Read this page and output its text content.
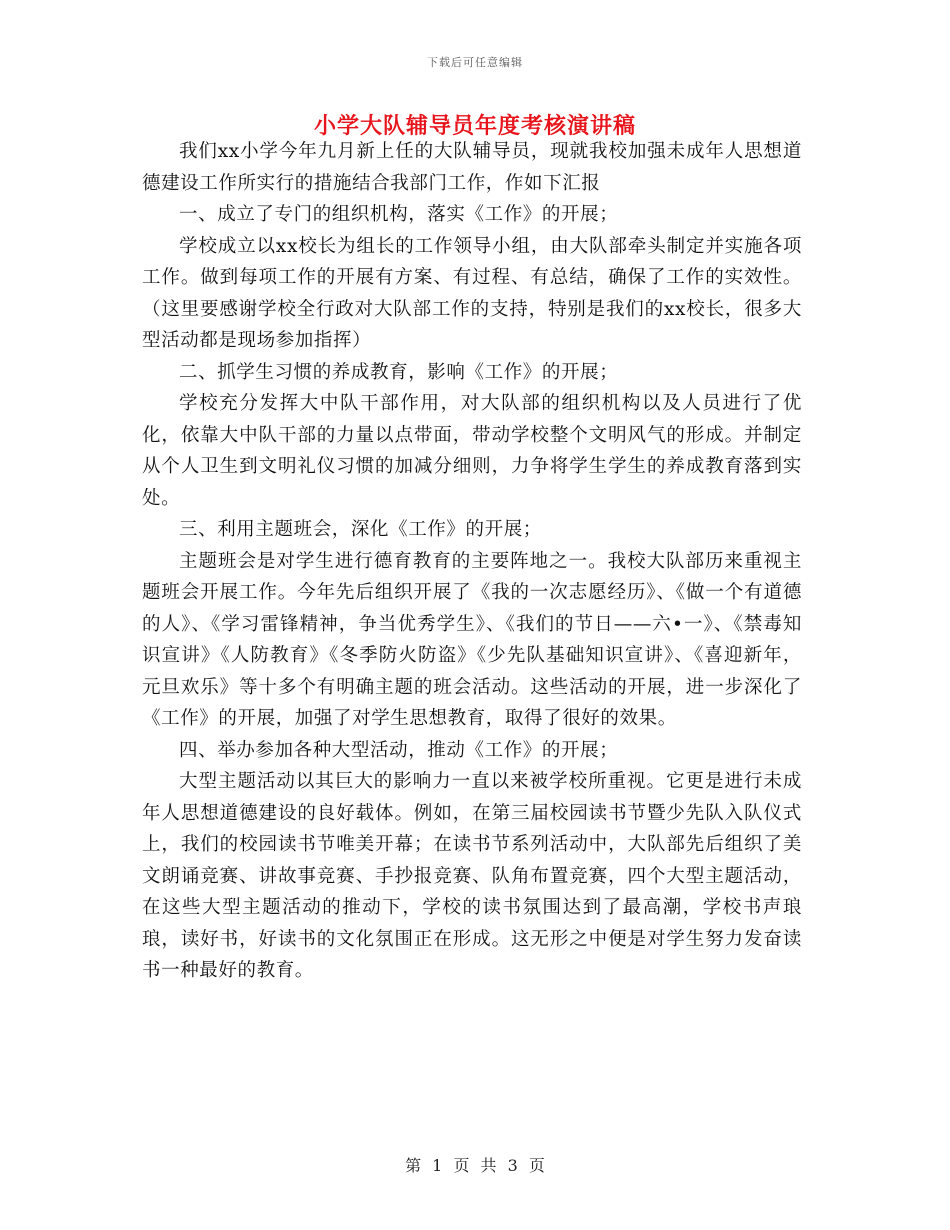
下载后可任意编辑
小学大队辅导员年度考核演讲稿

我们xx小学今年九月新上任的大队辅导员，现就我校加强未成年人思想道德建设工作所实行的措施结合我部门工作，作如下汇报

一、成立了专门的组织机构，落实《工作》的开展；

学校成立以xx校长为组长的工作领导小组，由大队部牵头制定并实施各项工作。做到每项工作的开展有方案、有过程、有总结，确保了工作的实效性。（这里要感谢学校全行政对大队部工作的支持，特别是我们的xx校长，很多大型活动都是现场参加指挥）

二、抓学生习惯的养成教育，影响《工作》的开展；

学校充分发挥大中队干部作用，对大队部的组织机构以及人员进行了优化，依靠大中队干部的力量以点带面，带动学校整个文明风气的形成。并制定从个人卫生到文明礼仪习惯的加减分细则，力争将学生学生的养成教育落到实处。

三、利用主题班会，深化《工作》的开展；

主题班会是对学生进行德育教育的主要阵地之一。我校大队部历来重视主题班会开展工作。今年先后组织开展了《我的一次志愿经历》、《做一个有道德的人》、《学习雷锋精神，争当优秀学生》、《我们的节日——六•一》、《禁毒知识宣讲》《人防教育》《冬季防火防盗》《少先队基础知识宣讲》、《喜迎新年，元旦欢乐》等十多个有明确主题的班会活动。这些活动的开展，进一步深化了《工作》的开展，加强了对学生思想教育，取得了很好的效果。

四、举办参加各种大型活动，推动《工作》的开展；

大型主题活动以其巨大的影响力一直以来被学校所重视。它更是进行未成年人思想道德建设的良好载体。例如，在第三届校园读书节暨少先队入队仪式上，我们的校园读书节唯美开幕；在读书节系列活动中，大队部先后组织了美文朗诵竞赛、讲故事竞赛、手抄报竞赛、队角布置竞赛，四个大型主题活动，在这些大型主题活动的推动下，学校的读书氛围达到了最高潮，学校书声琅琅，读好书，好读书的文化氛围正在形成。这无形之中便是对学生努力发奋读书一种最好的教育。

第 1 页 共 3 页
